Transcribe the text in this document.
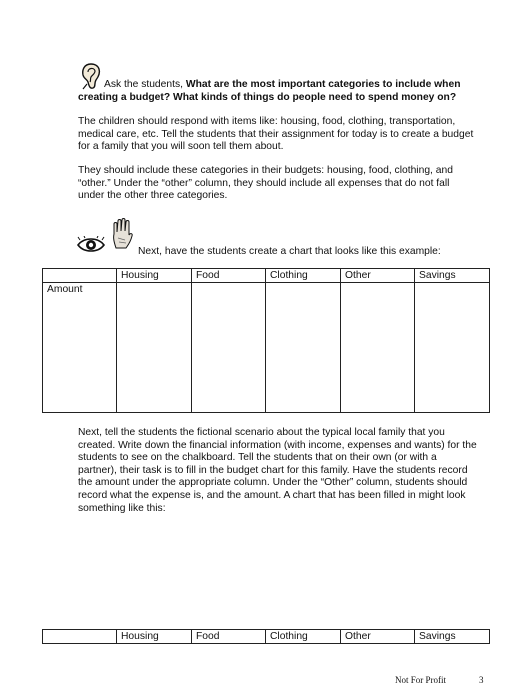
Ask the students, What are the most important categories to include when creating a budget? What kinds of things do people need to spend money on?

The children should respond with items like: housing, food, clothing, transportation, medical care, etc. Tell the students that their assignment for today is to create a budget for a family that you will soon tell them about.

They should include these categories in their budgets: housing, food, clothing, and “other.” Under the “other” column, they should include all expenses that do not fall under the other three categories.

Next, have the students create a chart that looks like this example:

	Housing	Food	Clothing	Other	Savings
Amount					

Next, tell the students the fictional scenario about the typical local family that you created. Write down the financial information (with income, expenses and wants) for the students to see on the chalkboard. Tell the students that on their own (or with a partner), their task is to fill in the budget chart for this family. Have the students record the amount under the appropriate column. Under the “Other” column, students should record what the expense is, and the amount. A chart that has been filled in might look something like this:

	Housing	Food	Clothing	Other	Savings
Not For Profit	3
